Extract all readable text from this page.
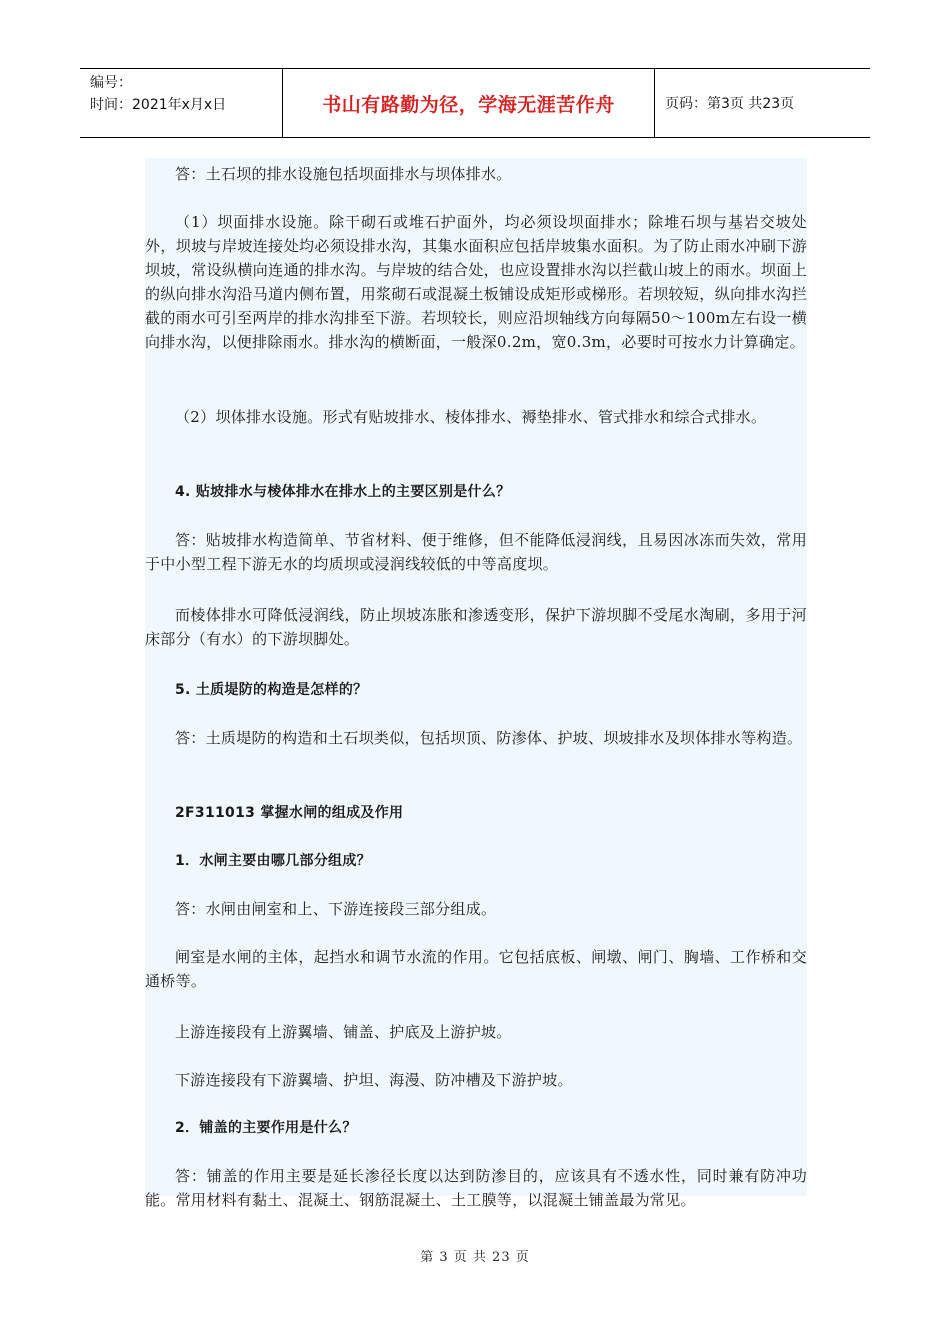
编号：
时间：2021年x月x日	书山有路勤为径，学海无涯苦作舟	页码：第3页 共23页

答：土石坝的排水设施包括坝面排水与坝体排水。

（1）坝面排水设施。除干砌石或堆石护面外，均必须设坝面排水；除堆石坝与基岩交坡处外，坝坡与岸坡连接处均必须设排水沟，其集水面积应包括岸坡集水面积。为了防止雨水冲刷下游坝坡，常设纵横向连通的排水沟。与岸坡的结合处，也应设置排水沟以拦截山坡上的雨水。坝面上的纵向排水沟沿马道内侧布置，用浆砌石或混凝土板铺设成矩形或梯形。若坝较短，纵向排水沟拦截的雨水可引至两岸的排水沟排至下游。若坝较长，则应沿坝轴线方向每隔50～100m左右设一横向排水沟，以便排除雨水。排水沟的横断面，一般深0.2m，宽0.3m，必要时可按水力计算确定。

（2）坝体排水设施。形式有贴坡排水、棱体排水、褥垫排水、管式排水和综合式排水。

4. 贴坡排水与棱体排水在排水上的主要区别是什么？

答：贴坡排水构造简单、节省材料、便于维修，但不能降低浸润线，且易因冰冻而失效，常用于中小型工程下游无水的均质坝或浸润线较低的中等高度坝。

而棱体排水可降低浸润线，防止坝坡冻胀和渗透变形，保护下游坝脚不受尾水淘刷，多用于河床部分（有水）的下游坝脚处。

5. 土质堤防的构造是怎样的？

答：土质堤防的构造和土石坝类似，包括坝顶、防渗体、护坡、坝坡排水及坝体排水等构造。

2F311013 掌握水闸的组成及作用

1．水闸主要由哪几部分组成？

答：水闸由闸室和上、下游连接段三部分组成。

闸室是水闸的主体，起挡水和调节水流的作用。它包括底板、闸墩、闸门、胸墙、工作桥和交通桥等。

上游连接段有上游翼墙、铺盖、护底及上游护坡。

下游连接段有下游翼墙、护坦、海漫、防冲槽及下游护坡。

2．铺盖的主要作用是什么？

答：铺盖的作用主要是延长渗径长度以达到防渗目的，应该具有不透水性，同时兼有防冲功能。常用材料有黏土、混凝土、钢筋混凝土、土工膜等，以混凝土铺盖最为常见。

第 3 页 共 23 页
